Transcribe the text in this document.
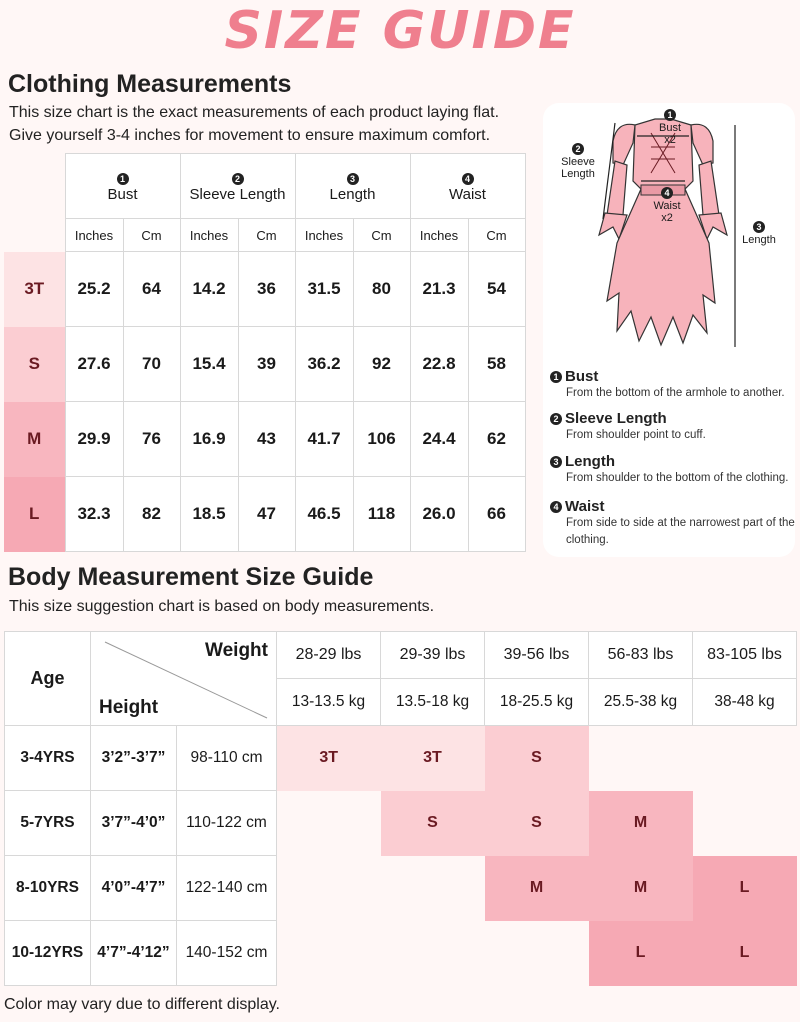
SIZE GUIDE
Clothing Measurements
This size chart is the exact measurements of each product laying flat.
Give yourself 3-4 inches for movement to ensure maximum comfort.
	1
Bust		2
Sleeve Length		3
Length		4
Waist	
	Inches	Cm	Inches	Cm	Inches	Cm	Inches	Cm
3T	25.2	64	14.2	36	31.5	80	21.3	54
S	27.6	70	15.4	39	36.2	92	22.8	58
M	29.9	76	16.9	43	41.7	106	24.4	62
L	32.3	82	18.5	47	46.5	118	26.0	66
1
Bust
x2
2
Sleeve
Length
4
Waist
x2
3
Length
1 Bust
From the bottom of the armhole to another.
2 Sleeve Length
From shoulder point to cuff.
3 Length
From shoulder to the bottom of the clothing.
4 Waist
From side to side at the narrowest part of the clothing.
Body Measurement Size Guide
This size suggestion chart is based on body measurements.
Age	Weight
Height		28-29 lbs	29-39 lbs	39-56 lbs	56-83 lbs	83-105 lbs
			13-13.5 kg	13.5-18 kg	18-25.5 kg	25.5-38 kg	38-48 kg
3-4YRS	3’2”-3’7”	98-110 cm	3T	3T	S		
5-7YRS	3’7”-4’0”	110-122 cm		S	S	M	
8-10YRS	4’0”-4’7”	122-140 cm			M	M	L
10-12YRS	4’7”-4’12”	140-152 cm				L	L
Color may vary due to different display.
